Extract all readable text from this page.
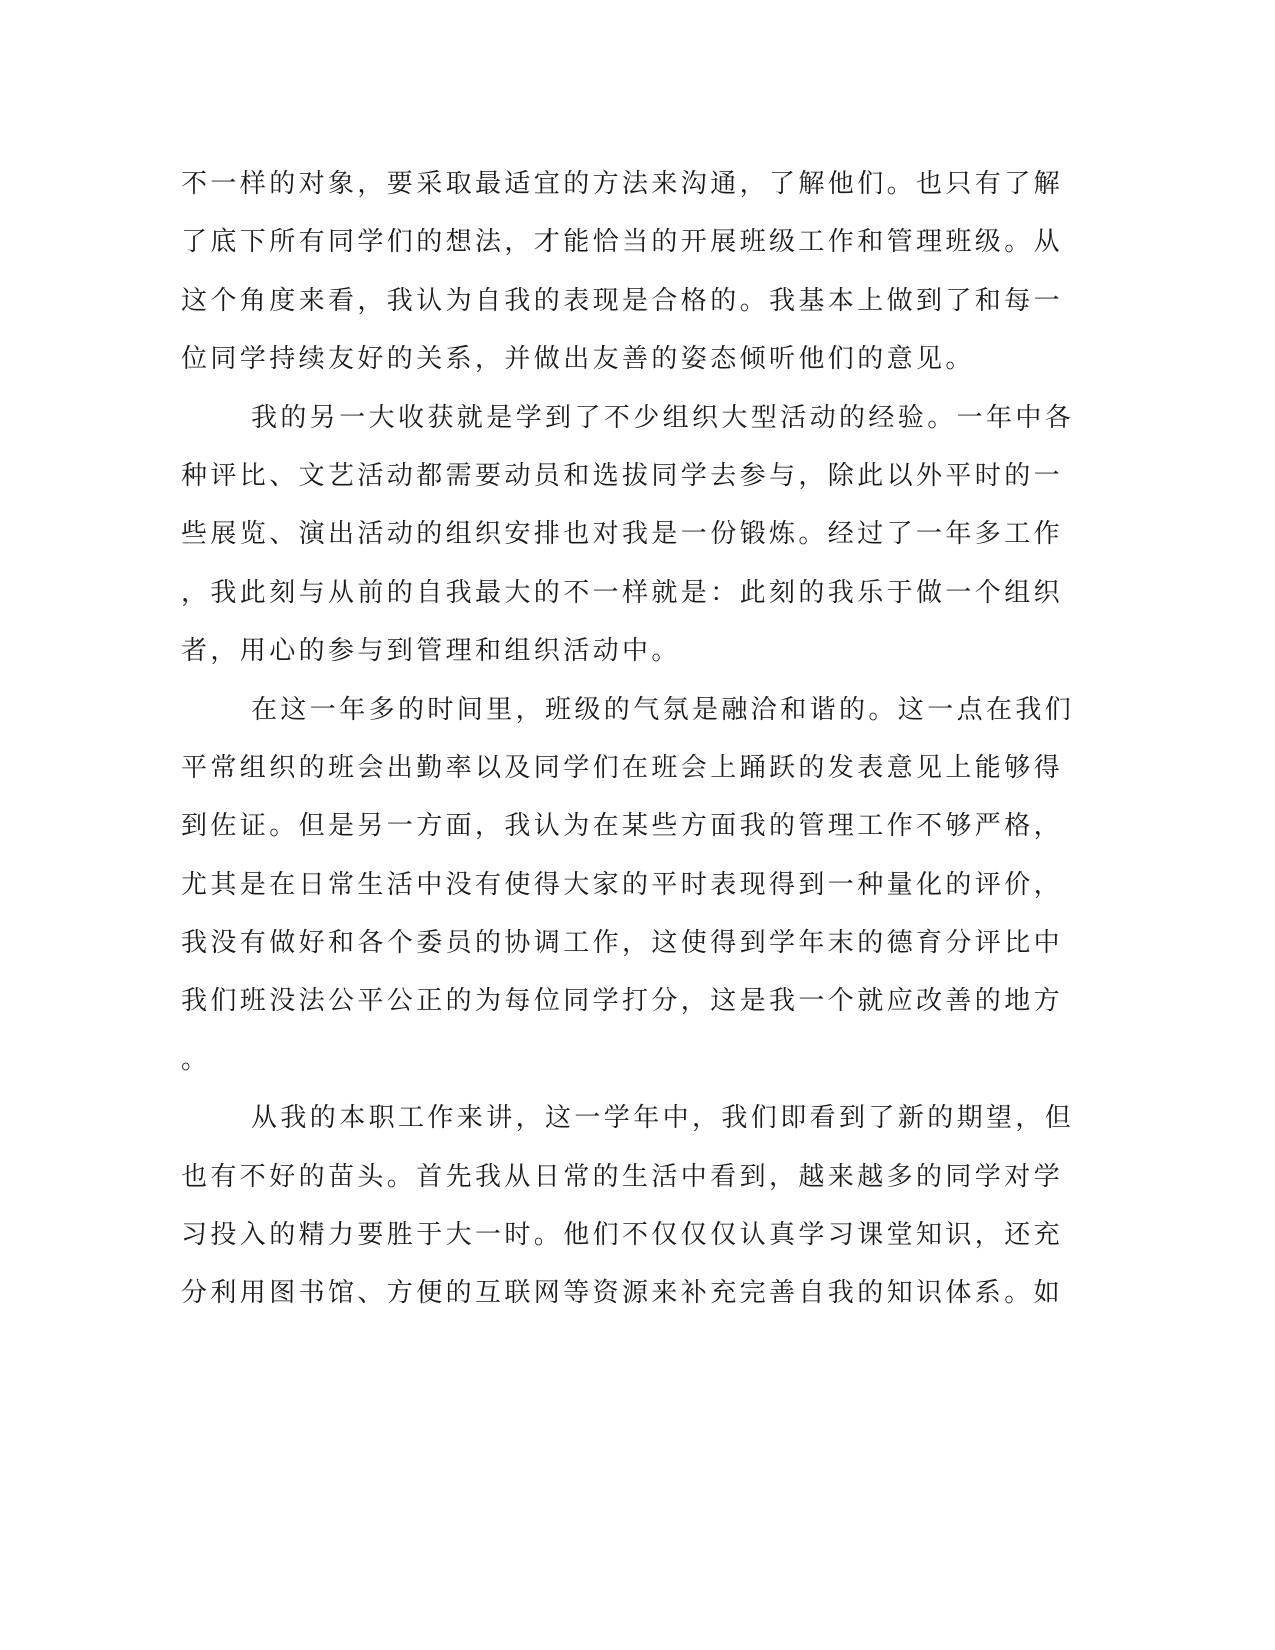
不一样的对象，要采取最适宜的方法来沟通，了解他们。也只有了解
了底下所有同学们的想法，才能恰当的开展班级工作和管理班级。从
这个角度来看，我认为自我的表现是合格的。我基本上做到了和每一
位同学持续友好的关系，并做出友善的姿态倾听他们的意见。
我的另一大收获就是学到了不少组织大型活动的经验。一年中各
种评比、文艺活动都需要动员和选拔同学去参与，除此以外平时的一
些展览、演出活动的组织安排也对我是一份锻炼。经过了一年多工作
，我此刻与从前的自我最大的不一样就是：此刻的我乐于做一个组织
者，用心的参与到管理和组织活动中。
在这一年多的时间里，班级的气氛是融洽和谐的。这一点在我们
平常组织的班会出勤率以及同学们在班会上踊跃的发表意见上能够得
到佐证。但是另一方面，我认为在某些方面我的管理工作不够严格，
尤其是在日常生活中没有使得大家的平时表现得到一种量化的评价，
我没有做好和各个委员的协调工作，这使得到学年末的德育分评比中
我们班没法公平公正的为每位同学打分，这是我一个就应改善的地方
。
从我的本职工作来讲，这一学年中，我们即看到了新的期望，但
也有不好的苗头。首先我从日常的生活中看到，越来越多的同学对学
习投入的精力要胜于大一时。他们不仅仅仅认真学习课堂知识，还充
分利用图书馆、方便的互联网等资源来补充完善自我的知识体系。如
